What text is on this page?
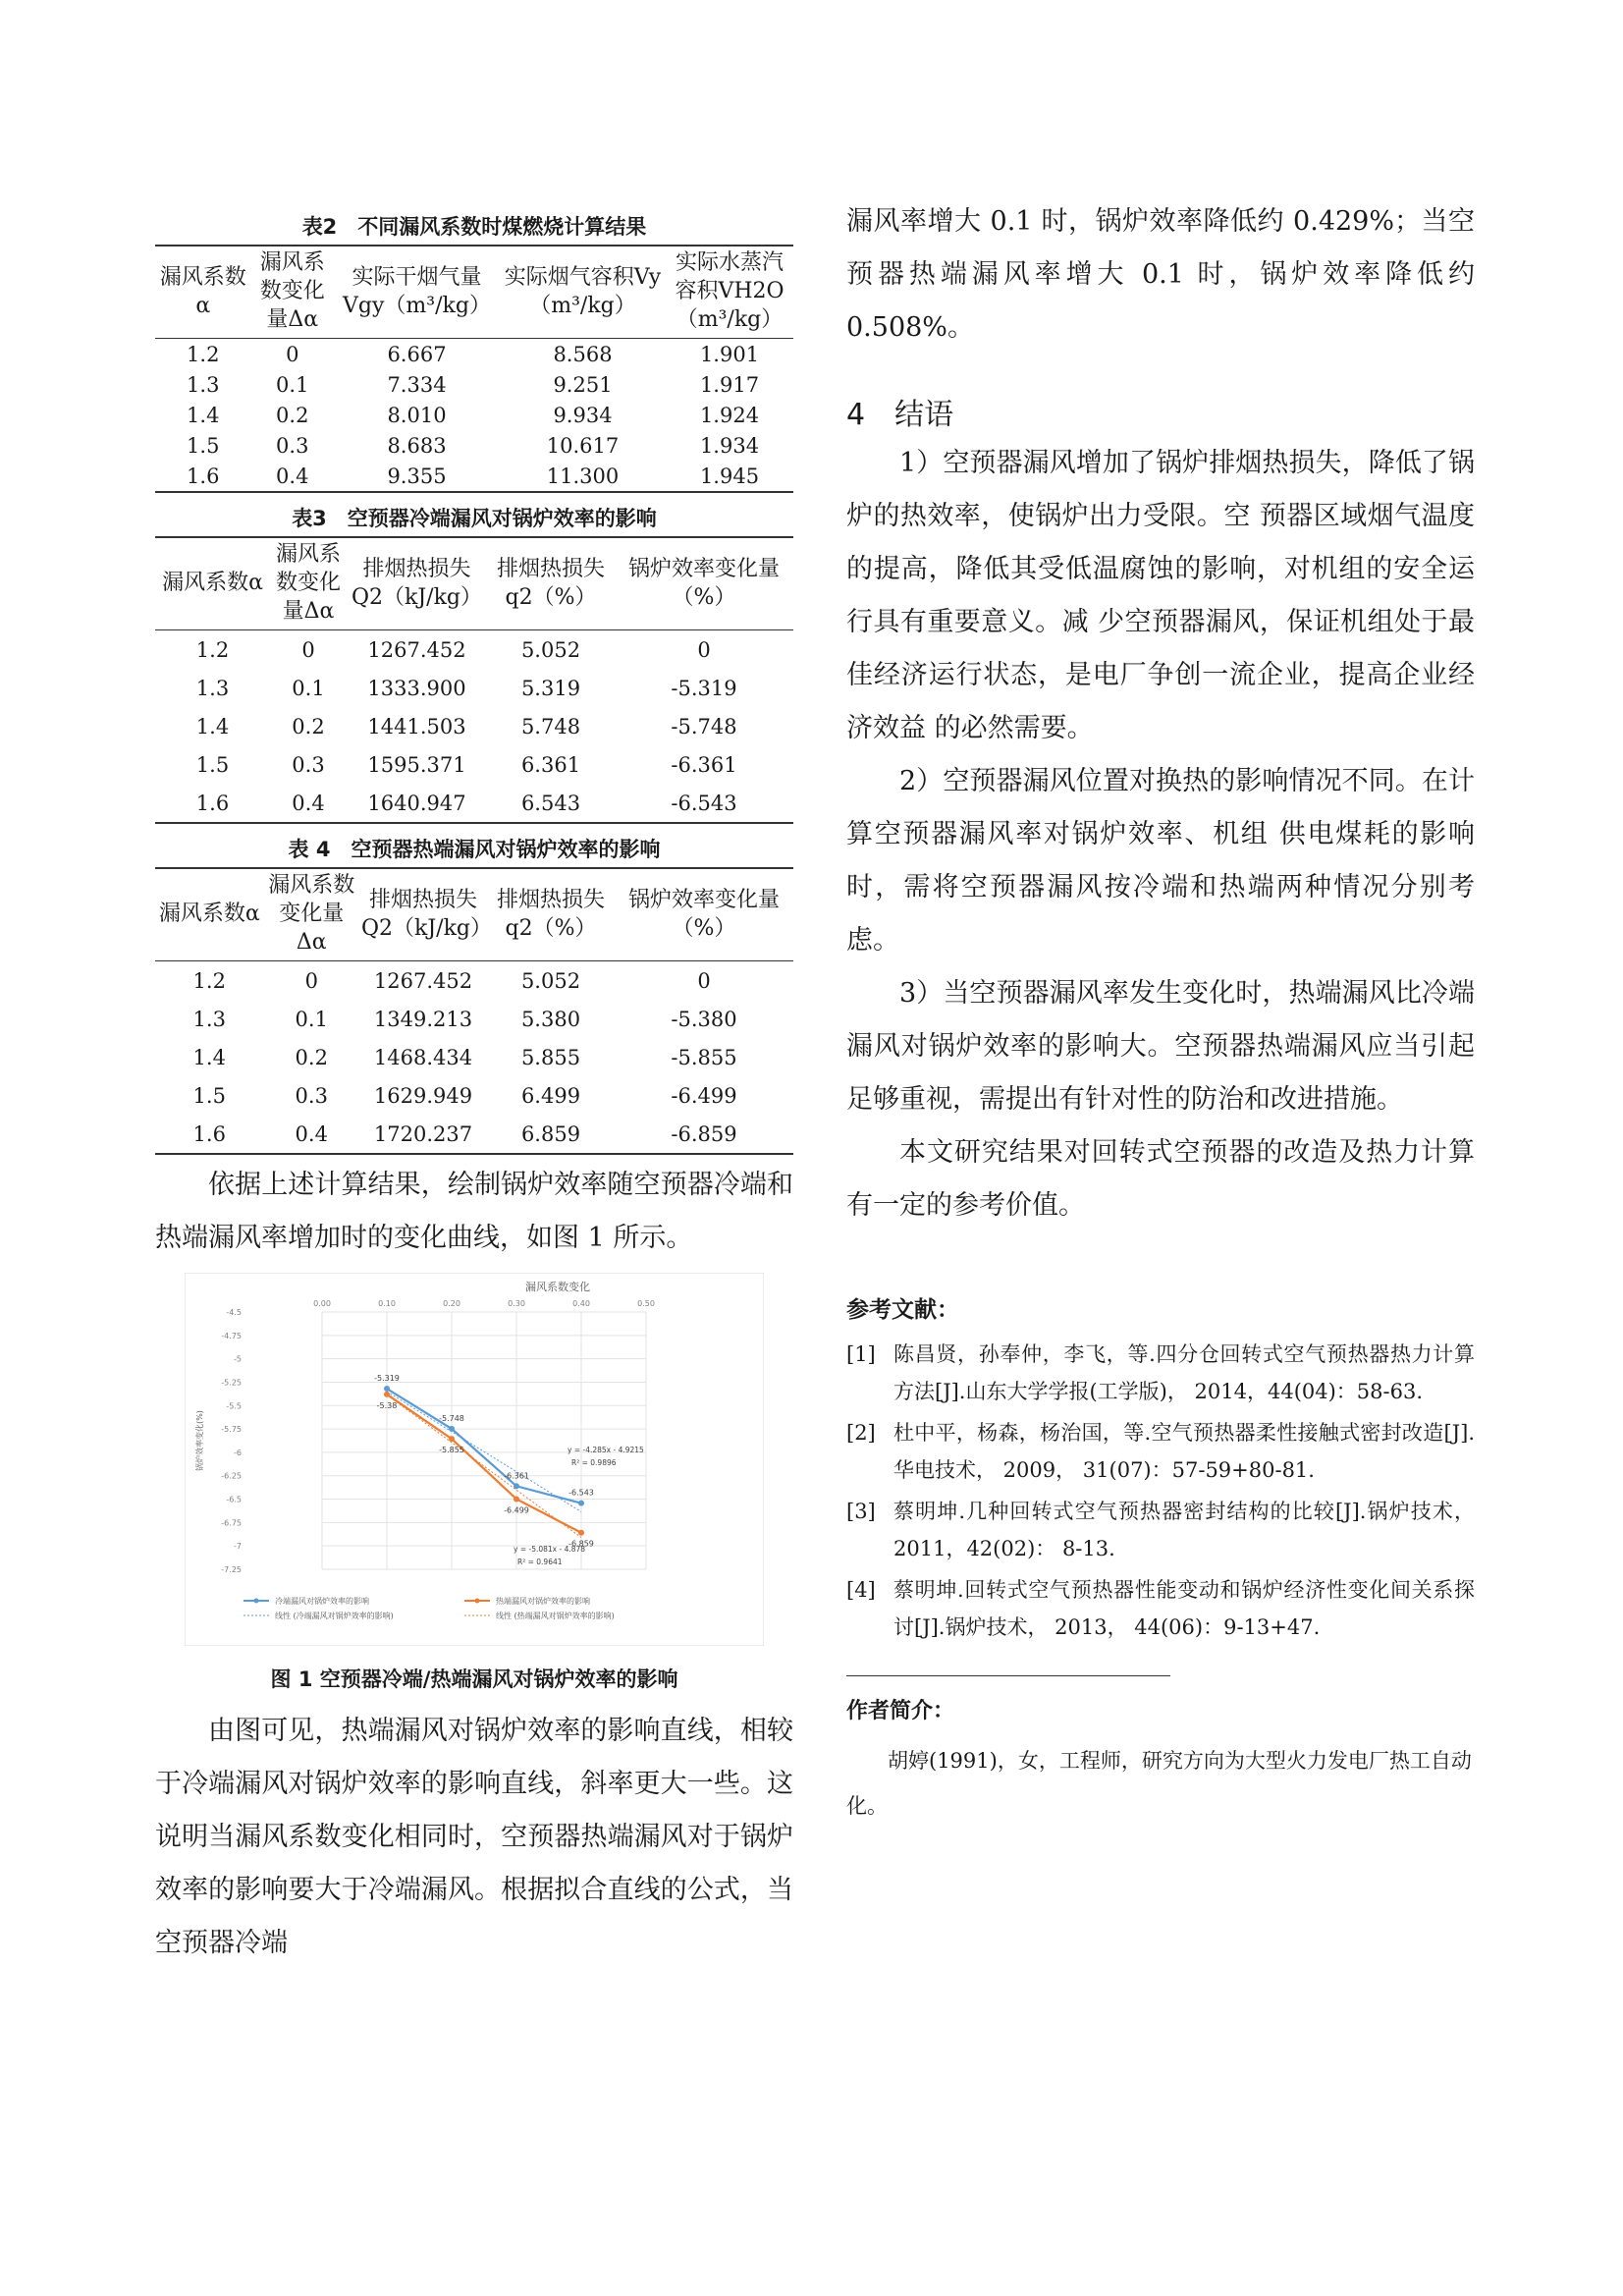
表2　不同漏风系数时煤燃烧计算结果
漏风系数α	漏风系数变化量Δα	实际干烟气量Vgy（m³/kg）	实际烟气容积Vy（m³/kg）	实际水蒸汽容积VH2O（m³/kg）
1.2	0	6.667	8.568	1.901
1.3	0.1	7.334	9.251	1.917
1.4	0.2	8.010	9.934	1.924
1.5	0.3	8.683	10.617	1.934
1.6	0.4	9.355	11.300	1.945
表3　空预器冷端漏风对锅炉效率的影响
漏风系数α	漏风系数变化量Δα	排烟热损失Q2（kJ/kg）	排烟热损失q2（%）	锅炉效率变化量（%）
1.2	0	1267.452	5.052	0
1.3	0.1	1333.900	5.319	-5.319
1.4	0.2	1441.503	5.748	-5.748
1.5	0.3	1595.371	6.361	-6.361
1.6	0.4	1640.947	6.543	-6.543
表 4　空预器热端漏风对锅炉效率的影响
漏风系数α	漏风系数变化量Δα	排烟热损失Q2（kJ/kg）	排烟热损失q2（%）	锅炉效率变化量（%）
1.2	0	1267.452	5.052	0
1.3	0.1	1349.213	5.380	-5.380
1.4	0.2	1468.434	5.855	-5.855
1.5	0.3	1629.949	6.499	-6.499
1.6	0.4	1720.237	6.859	-6.859

依据上述计算结果，绘制锅炉效率随空预器冷端和热端漏风率增加时的变化曲线，如图 1 所示。

漏风系数变化
-4.5
-4.75
-5
-5.25
-5.5
-5.75
-6
-6.25
-6.5
-6.75
-7
-7.25
0.00	0.10	0.20	0.30	0.40	0.50
锅炉效率变化(%)
-5.319
-5.748
-6.361
-6.543
-5.38
-5.855
-6.499
-6.859
y = -4.285x - 4.9215
R² = 0.9896
y = -5.081x - 4.878
R² = 0.9641
冷端漏风对锅炉效率的影响	热端漏风对锅炉效率的影响
线性 (冷端漏风对锅炉效率的影响)	线性 (热端漏风对锅炉效率的影响)
图 1 空预器冷端/热端漏风对锅炉效率的影响

由图可见，热端漏风对锅炉效率的影响直线，相较于冷端漏风对锅炉效率的影响直线，斜率更大一些。这说明当漏风系数变化相同时，空预器热端漏风对于锅炉效率的影响要大于冷端漏风。根据拟合直线的公式，当空预器冷端

漏风率增大 0.1 时，锅炉效率降低约 0.429%；当空预器热端漏风率增大 0.1 时，锅炉效率降低约 0.508%。

4　结语

1）空预器漏风增加了锅炉排烟热损失，降低了锅炉的热效率，使锅炉出力受限。空 预器区域烟气温度的提高，降低其受低温腐蚀的影响，对机组的安全运行具有重要意义。减 少空预器漏风，保证机组处于最佳经济运行状态，是电厂争创一流企业，提高企业经济效益 的必然需要。

2）空预器漏风位置对换热的影响情况不同。在计算空预器漏风率对锅炉效率、机组 供电煤耗的影响时，需将空预器漏风按冷端和热端两种情况分别考虑。

3）当空预器漏风率发生变化时，热端漏风比冷端漏风对锅炉效率的影响大。空预器热端漏风应当引起足够重视，需提出有针对性的防治和改进措施。

本文研究结果对回转式空预器的改造及热力计算有一定的参考价值。

参考文献：
[1] 陈昌贤，孙奉仲，李飞，等.四分仓回转式空气预热器热力计算方法[J].山东大学学报(工学版)， 2014，44(04)：58-63.
[2] 杜中平，杨森，杨治国，等.空气预热器柔性接触式密封改造[J].华电技术， 2009， 31(07)：57-59+80-81.
[3] 蔡明坤.几种回转式空气预热器密封结构的比较[J].锅炉技术，2011，42(02)： 8-13.
[4] 蔡明坤.回转式空气预热器性能变动和锅炉经济性变化间关系探讨[J].锅炉技术， 2013， 44(06)：9-13+47.
作者简介：

胡婷(1991)，女，工程师，研究方向为大型火力发电厂热工自动化。
